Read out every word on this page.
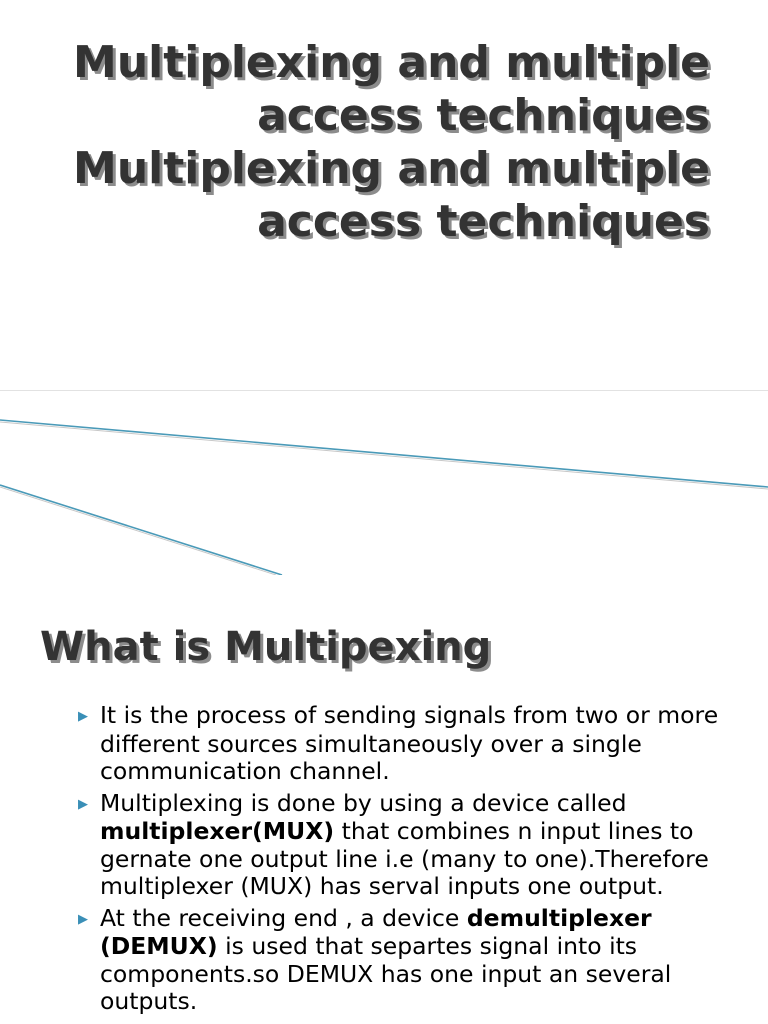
Multiplexing and multiple access techniques Multiplexing and multiple access techniques
What is Multipexing
▶ It is the process of sending signals from two or more different sources simultaneously over a single communication channel.
▶ Multiplexing is done by using a device called multiplexer(MUX) that combines n input lines to gernate one output line i.e (many to one).Therefore multiplexer (MUX) has serval inputs one output.
▶ At the receiving end , a device demultiplexer (DEMUX) is used that separtes signal into its components.so DEMUX has one input an several outputs.
